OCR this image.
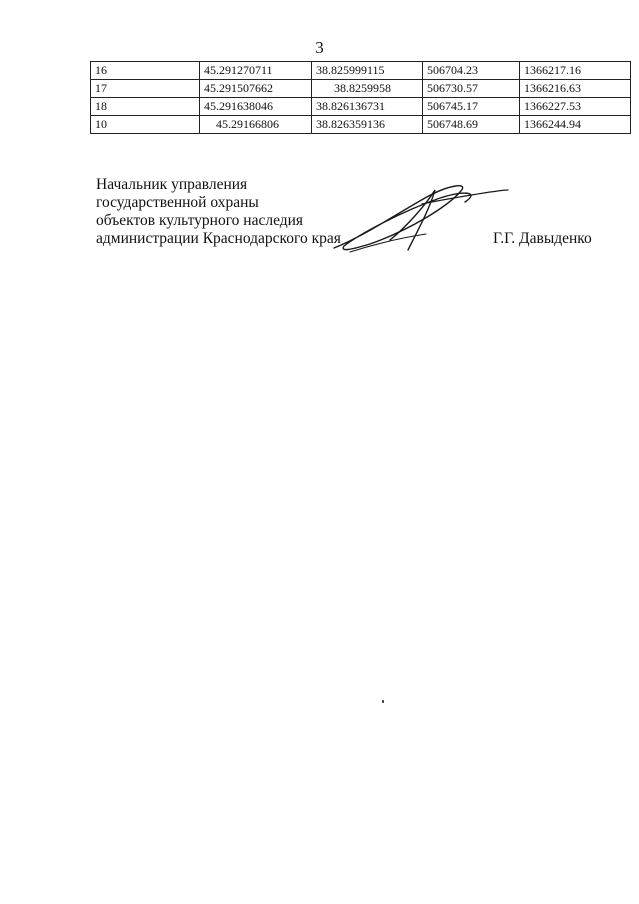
3
16	45.291270711	38.825999115	506704.23	1366217.16
17	45.291507662	38.8259958	506730.57	1366216.63
18	45.291638046	38.826136731	506745.17	1366227.53
10	45.29166806	38.826359136	506748.69	1366244.94
Начальник управления
государственной охраны
объектов культурного наследия
администрации Краснодарского края	Г.Г. Давыденко
